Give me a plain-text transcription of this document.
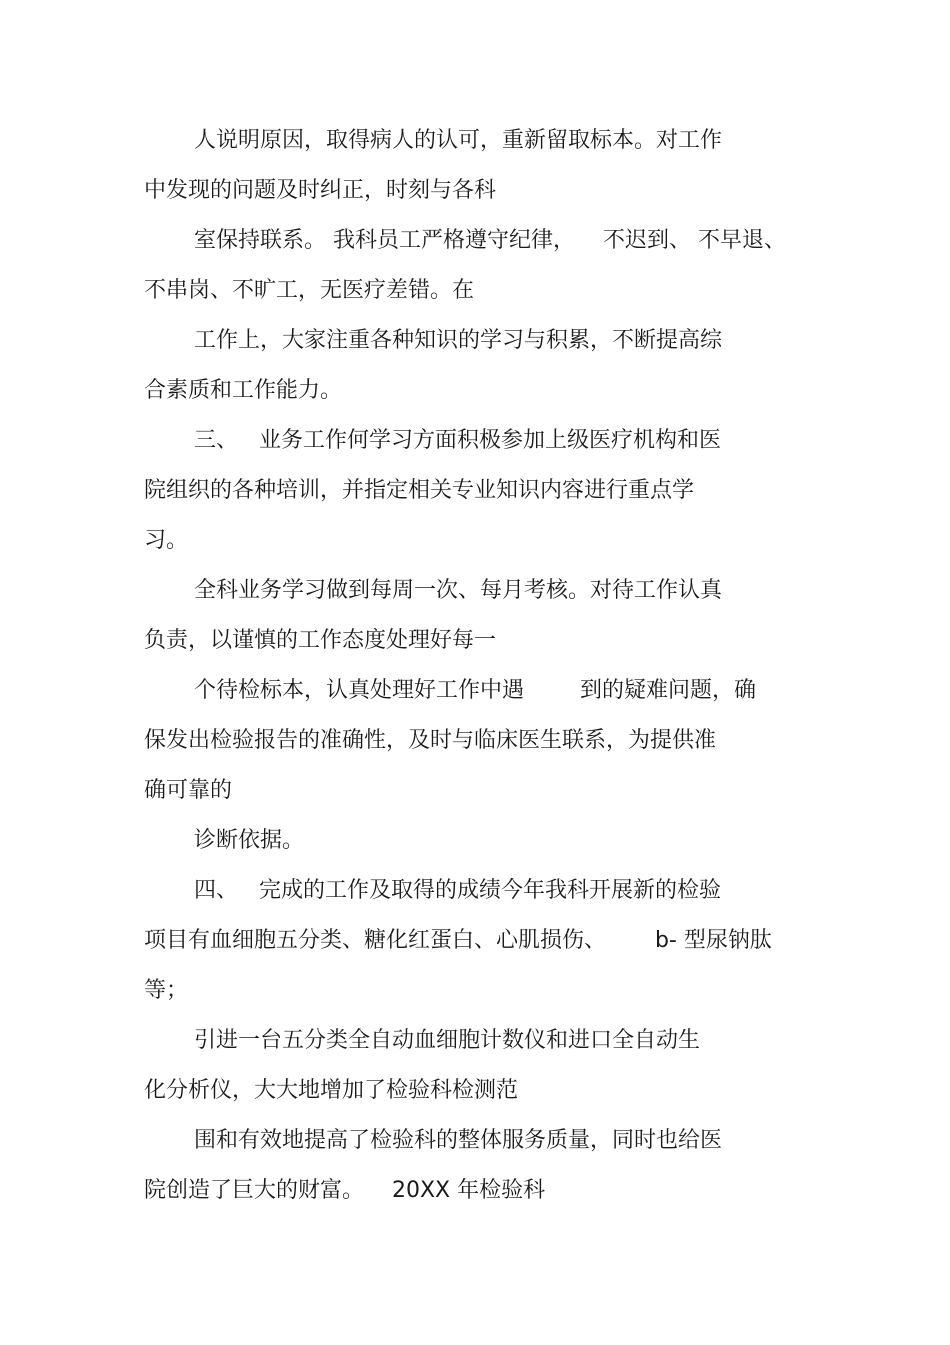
人说明原因，取得病人的认可，重新留取标本。对工作

中发现的问题及时纠正，时刻与各科

室保持联系。 我科员工严格遵守纪律，    不迟到、 不早退、

不串岗、不旷工，无医疗差错。在

工作上，大家注重各种知识的学习与积累，不断提高综

合素质和工作能力。

三、   业务工作何学习方面积极参加上级医疗机构和医

院组织的各种培训，并指定相关专业知识内容进行重点学

习。

全科业务学习做到每周一次、每月考核。对待工作认真

负责，以谨慎的工作态度处理好每一

个待检标本，认真处理好工作中遇        到的疑难问题，确

保发出检验报告的准确性，及时与临床医生联系，为提供准

确可靠的

诊断依据。

四、   完成的工作及取得的成绩今年我科开展新的检验

项目有血细胞五分类、糖化红蛋白、心肌损伤、       b- 型尿钠肽

等；

引进一台五分类全自动血细胞计数仪和进口全自动生

化分析仪，大大地增加了检验科检测范

围和有效地提高了检验科的整体服务质量，同时也给医

院创造了巨大的财富。    20XX 年检验科
